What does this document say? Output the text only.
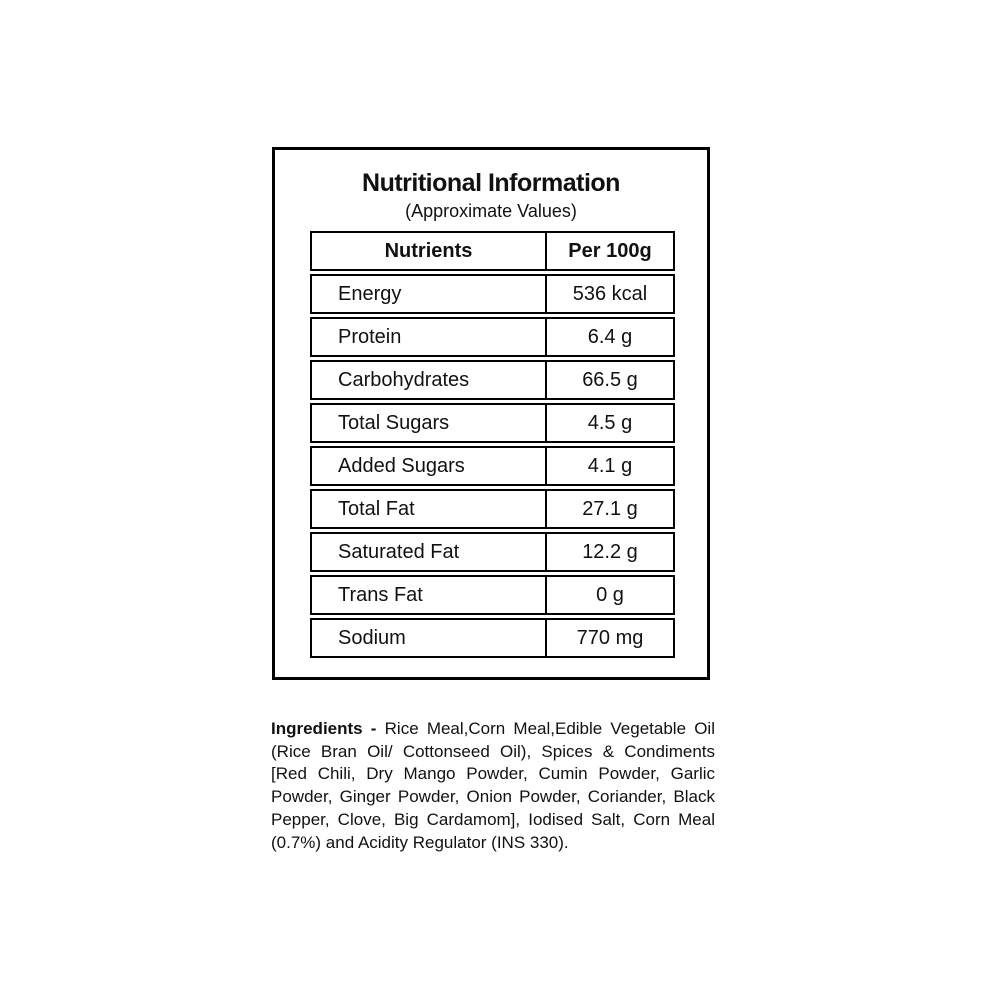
Nutritional Information
(Approximate Values)
Nutrients	Per 100g
Energy	536 kcal
Protein	6.4 g
Carbohydrates	66.5 g
Total Sugars	4.5 g
Added Sugars	4.1 g
Total Fat	27.1 g
Saturated Fat	12.2 g
Trans Fat	0 g
Sodium	770 mg
Ingredients - Rice Meal,Corn Meal,Edible Vegetable Oil
(Rice Bran Oil/ Cottonseed Oil), Spices & Condiments
[Red Chili, Dry Mango Powder, Cumin Powder, Garlic
Powder, Ginger Powder, Onion Powder, Coriander, Black
Pepper, Clove, Big Cardamom], Iodised Salt, Corn Meal
(0.7%) and Acidity Regulator (INS 330).
